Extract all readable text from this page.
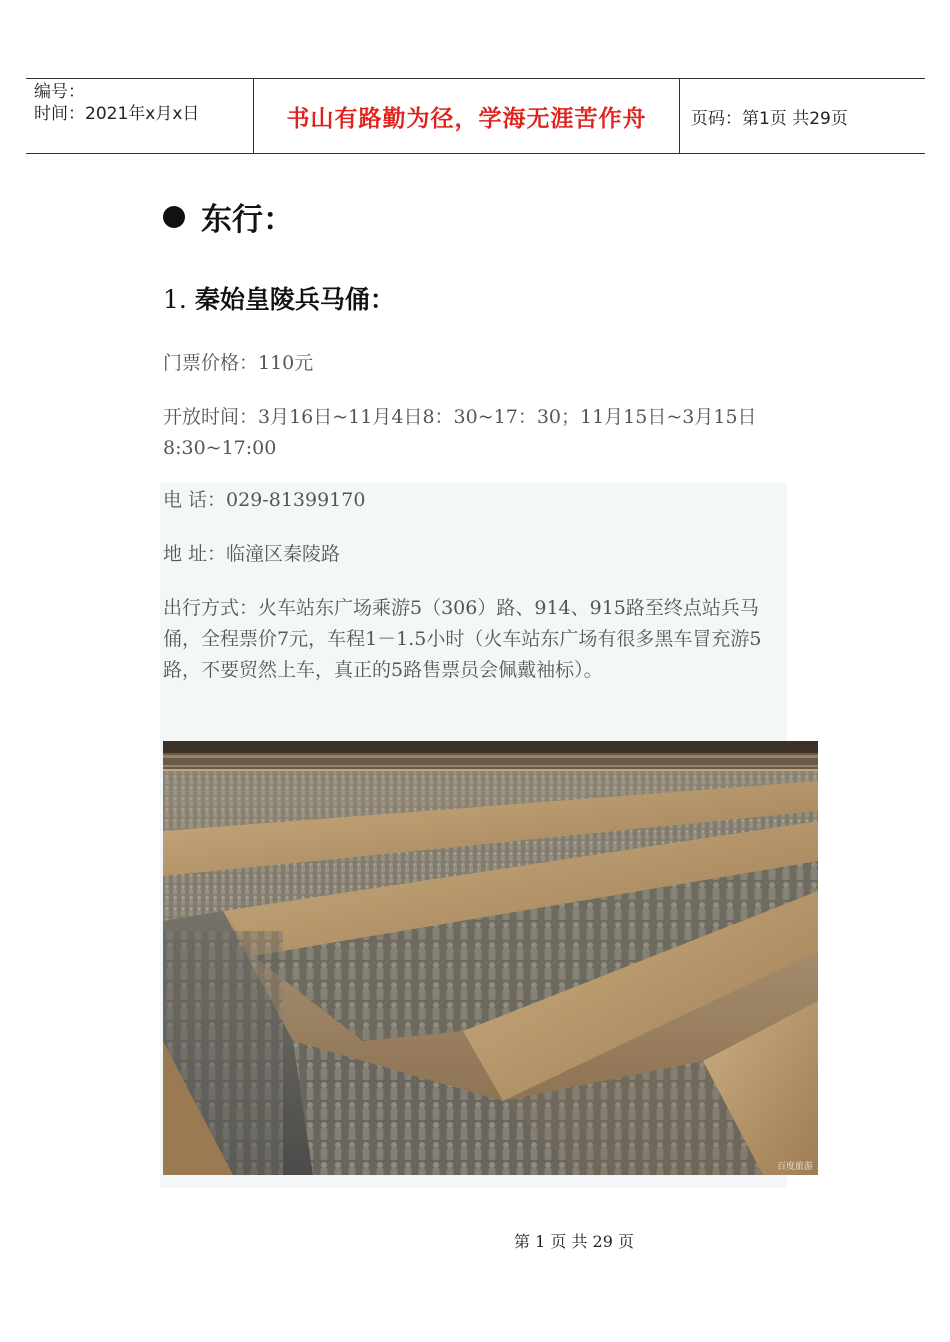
编号：
时间：2021年x月x日	书山有路勤为径，学海无涯苦作舟	页码：第1页 共29页
东行：
1. 秦始皇陵兵马俑：
门票价格：110元
开放时间：3月16日~11月4日8：30~17：30；11月15日~3月15日8:30~17:00
电 话：029-81399170
地 址：临潼区秦陵路
出行方式：火车站东广场乘游5（306）路、914、915路至终点站兵马俑，全程票价7元，车程1－1.5小时（火车站东广场有很多黑车冒充游5路，不要贸然上车，真正的5路售票员会佩戴袖标）。
百度旅游
第 1 页 共 29 页
